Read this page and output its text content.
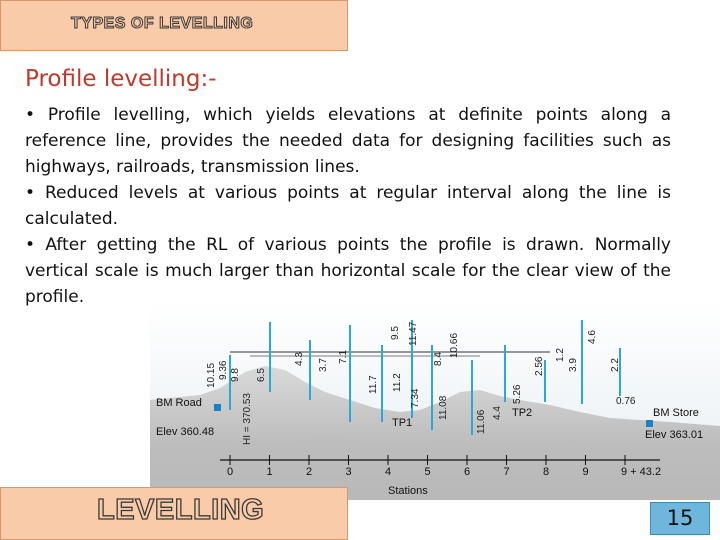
TYPES OF LEVELLING
Profile levelling:-

• Profile levelling, which yields elevations at definite points along a reference line, provides the needed data for designing facilities such as highways, railroads, transmission lines.

• Reduced levels at various points at regular interval along the line is calculated.

• After getting the RL of various points the profile is drawn. Normally vertical scale is much larger than horizontal scale for the clear view of the profile.

10.15 9.36 9.8 6.5
4.3 3.7
7.1
11.7
9.5
11.2
11.47
7.34
8.4
11.08
10.66
11.06 4.4
5.26
2.56
1.2
3.9
4.6
2.2
0.76
HI = 370.53
BM Road
Elev 360.48
BM Store
Elev 363.01
TP1
TP2
0	1	2	3	4	5	6	7	8	9	9 + 43.2
Stations
LEVELLING	15
